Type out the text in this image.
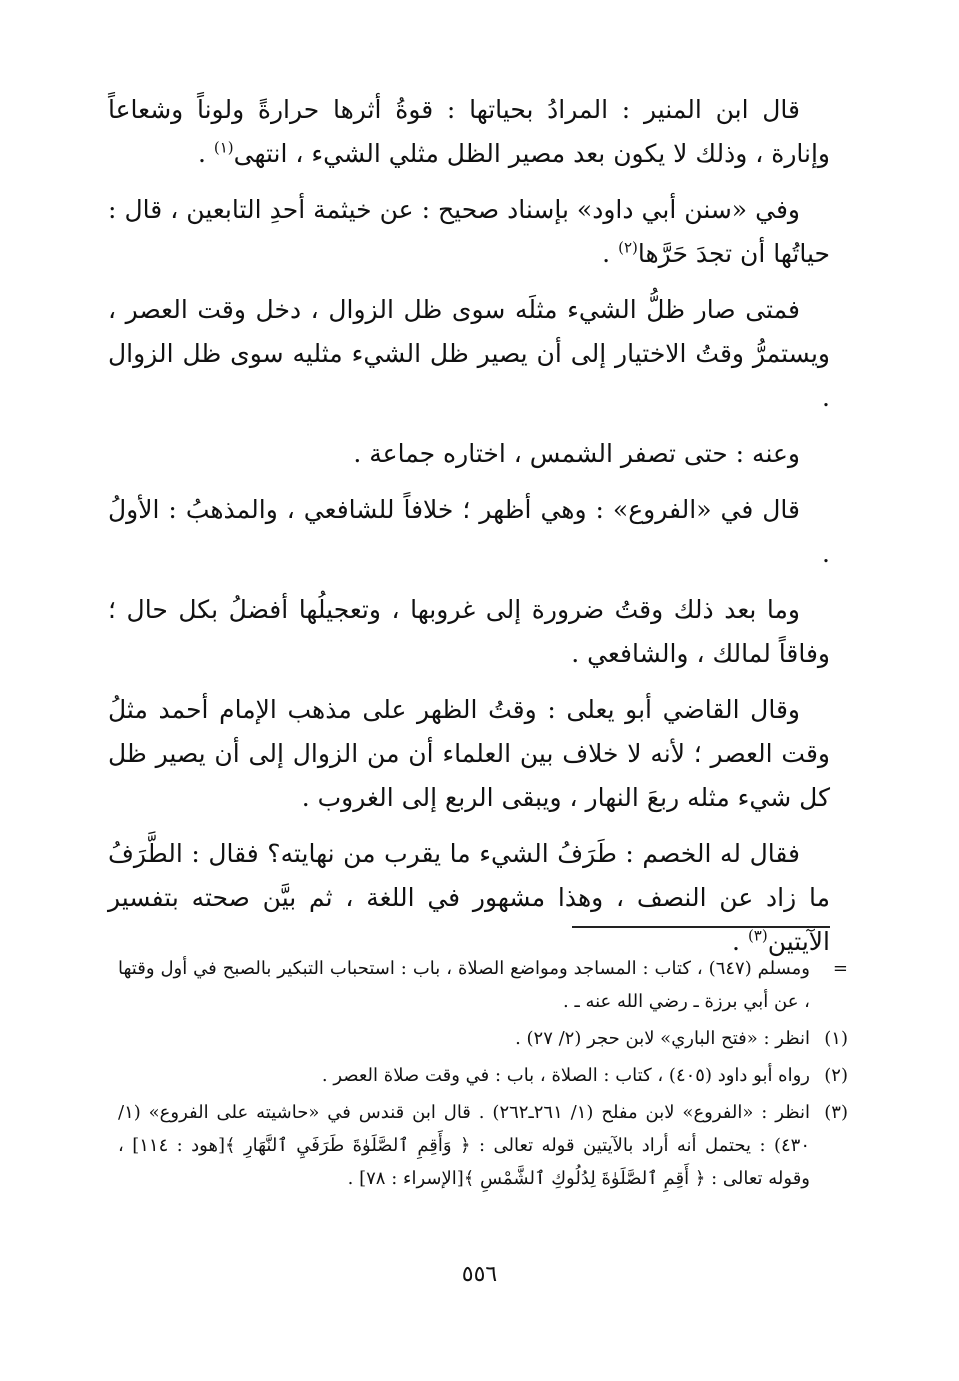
قال ابن المنير : المرادُ بحياتها : قوةُ أثرها حرارةً ولوناً وشعاعاً وإنارة ، وذلك لا يكون بعد مصير الظل مثلي الشيء ، انتهى$^{(١)}$ .

وفي «سنن أبي داود» بإسناد صحيح : عن خيثمة أحدِ التابعين ، قال : حياتُها أن تجدَ حَرَّها$^{(٢)}$ .

فمتى صار ظلُّ الشيء مثلَه سوى ظل الزوال ، دخل وقت العصر ، ويستمرُّ وقتُ الاختيار إلى أن يصير ظل الشيء مثليه سوى ظل الزوال .

وعنه : حتى تصفر الشمس ، اختاره جماعة .

قال في «الفروع» : وهي أظهر ؛ خلافاً للشافعي ، والمذهبُ : الأولُ .

وما بعد ذلك وقتُ ضرورة إلى غروبها ، وتعجيلُها أفضلُ بكل حال ؛ وفاقاً لمالك ، والشافعي .

وقال القاضي أبو يعلى : وقتُ الظهر على مذهب الإمام أحمد مثلُ وقت العصر ؛ لأنه لا خلاف بين العلماء أن من الزوال إلى أن يصير ظل كل شيء مثله ربعَ النهار ، ويبقى الربع إلى الغروب .

فقال له الخصم : طَرَفُ الشيء ما يقرب من نهايته؟ فقال : الطَّرَفُ ما زاد عن النصف ، وهذا مشهور في اللغة ، ثم بيَّن صحته بتفسير الآيتين$^{(٣)}$ .

=
ومسلم (٦٤٧) ، كتاب : المساجد ومواضع الصلاة ، باب : استحباب التبكير بالصبح في أول وقتها ، عن أبي برزة ـ رضي الله عنه ـ .
(١)
انظر : «فتح الباري» لابن حجر (٢/ ٢٧) .
(٢)
رواه أبو داود (٤٠٥) ، كتاب : الصلاة ، باب : في وقت صلاة العصر .
(٣)
انظر : «الفروع» لابن مفلح (١/ ٢٦١ـ٢٦٢) . قال ابن قندس في «حاشيته على الفروع» (١/ ٤٣٠) : يحتمل أنه أراد بالآيتين قوله تعالى : ﴿ وَأَقِمِ ٱلصَّلَوٰةَ طَرَفَيِ ٱلنَّهَارِ ﴾[هود : ١١٤] ، وقوله تعالى : ﴿ أَقِمِ ٱلصَّلَوٰةَ لِدُلُوكِ ٱلشَّمْسِ ﴾[الإسراء : ٧٨] .
٥٥٦
